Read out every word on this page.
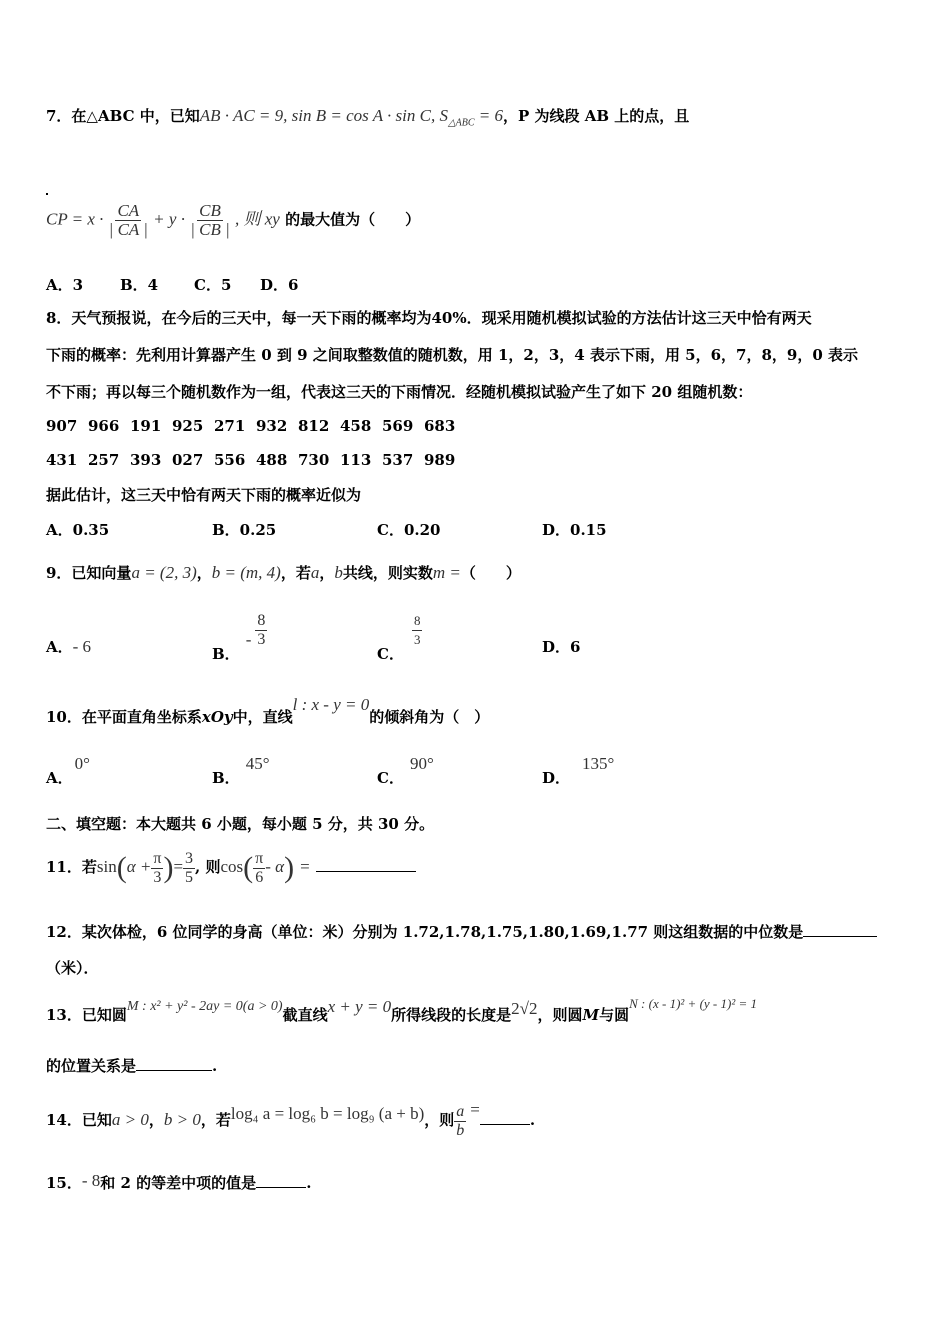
7．在△ABC 中，已知AB · AC = 9, sin B = cos A · sin C, $S_{\triangle ABC} = 6$，P 为线段 AB 上的点，且
CP = $x \cdot \frac{CA}{| CA |} + y \cdot \frac{CB}{| CB |}$ , 则 xy 的最大值为（　　）
A．3 B．4 C．5 D．6
8．天气预报说，在今后的三天中，每一天下雨的概率均为40%．现采用随机模拟试验的方法估计这三天中恰有两天
下雨的概率：先利用计算器产生 0 到 9 之间取整数值的随机数，用 1，2，3，4 表示下雨，用 5，6，7，8，9，0 表示
不下雨；再以每三个随机数作为一组，代表这三天的下雨情况．经随机模拟试验产生了如下 20 组随机数：
907 966 191 925 271 932 812 458 569 683
431 257 393 027 556 488 730 113 537 989
据此估计，这三天中恰有两天下雨的概率近似为
A．0.35	B．0.25	C．0.20	D．0.15
9．已知向量a = (2, 3)，b = (m, 4)，若a，b共线，则实数m =（　　）
A．- 6	B．- $\frac{8}{3}$
C．
$\frac{8}{3}$	D．6
10．在平面直角坐标系xOy中，直线l : x - y = 0的倾斜角为（　）
A．0°
B．45°
C．90°
D．135°
二、填空题：本大题共 6 小题，每小题 5 分，共 30 分。
11．若$\sin(\alpha + \frac{\pi}{3}$ )= $\frac{3}{5}$ , 则$\cos( \frac{\pi}{6} - \alpha)$ =
12．某次体检，6 位同学的身高（单位：米）分别为 1.72,1.78,1.75,1.80,1.69,1.77 则这组数据的中位数是
（米）．
13．已知圆M : x² + y² - 2ay = 0(a > 0)截直线x + y = 0所得线段的长度是2√2，则圆M与圆N : (x - 1)² + (y - 1)² = 1
的位置关系是	.
14．已知a > 0，b > 0，若log₄ a = log₆ b = log₉ (a + b)，则 $\frac{a}{b}$ =.
15．- 8和 2 的等差中项的值是	.
